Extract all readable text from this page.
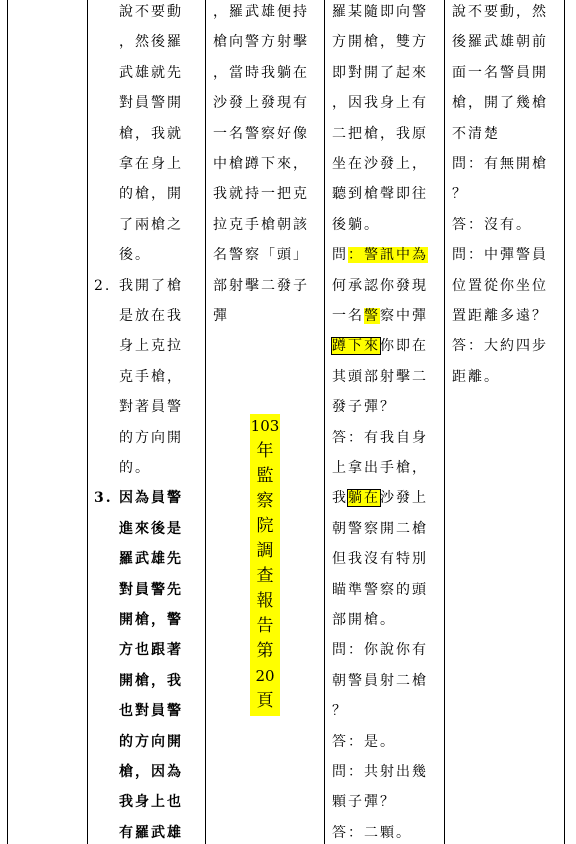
說不要動
，然後羅
武雄就先
對員警開
槍，我就
拿在身上
的槍，開
了兩槍之
後。
2. 我開了槍
是放在我
身上克拉
克手槍，
對著員警
的方向開
的。
3. 因為員警
進來後是
羅武雄先
對員警先
開槍，警
方也跟著
開槍，我
也對員警
的方向開
槍，因為
我身上也
有羅武雄
，羅武雄便持
槍向警方射擊
，當時我躺在
沙發上發現有
一名警察好像
中槍蹲下來，
我就持一把克
拉克手槍朝該
名警察「頭」
部射擊二發子
彈
羅某隨即向警
方開槍，雙方
即對開了起來
，因我身上有
二把槍，我原
坐在沙發上，
聽到槍聲即往
後躺。
問：警訊中為
何承認你發現
一名警察中彈
蹲下來你即在
其頭部射擊二
發子彈？
答：有我自身
上拿出手槍，
我躺在沙發上
朝警察開二槍
但我沒有特別
瞄準警察的頭
部開槍。
問：你說你有
朝警員射二槍
？
答：是。
問：共射出幾
顆子彈？
答：二顆。
說不要動，然
後羅武雄朝前
面一名警員開
槍，開了幾槍
不清楚
問：有無開槍
？
答：沒有。
問：中彈警員
位置從你坐位
置距離多遠？
答：大約四步
距離。
103
年
監
察
院
調
查
報
告
第
20
頁
